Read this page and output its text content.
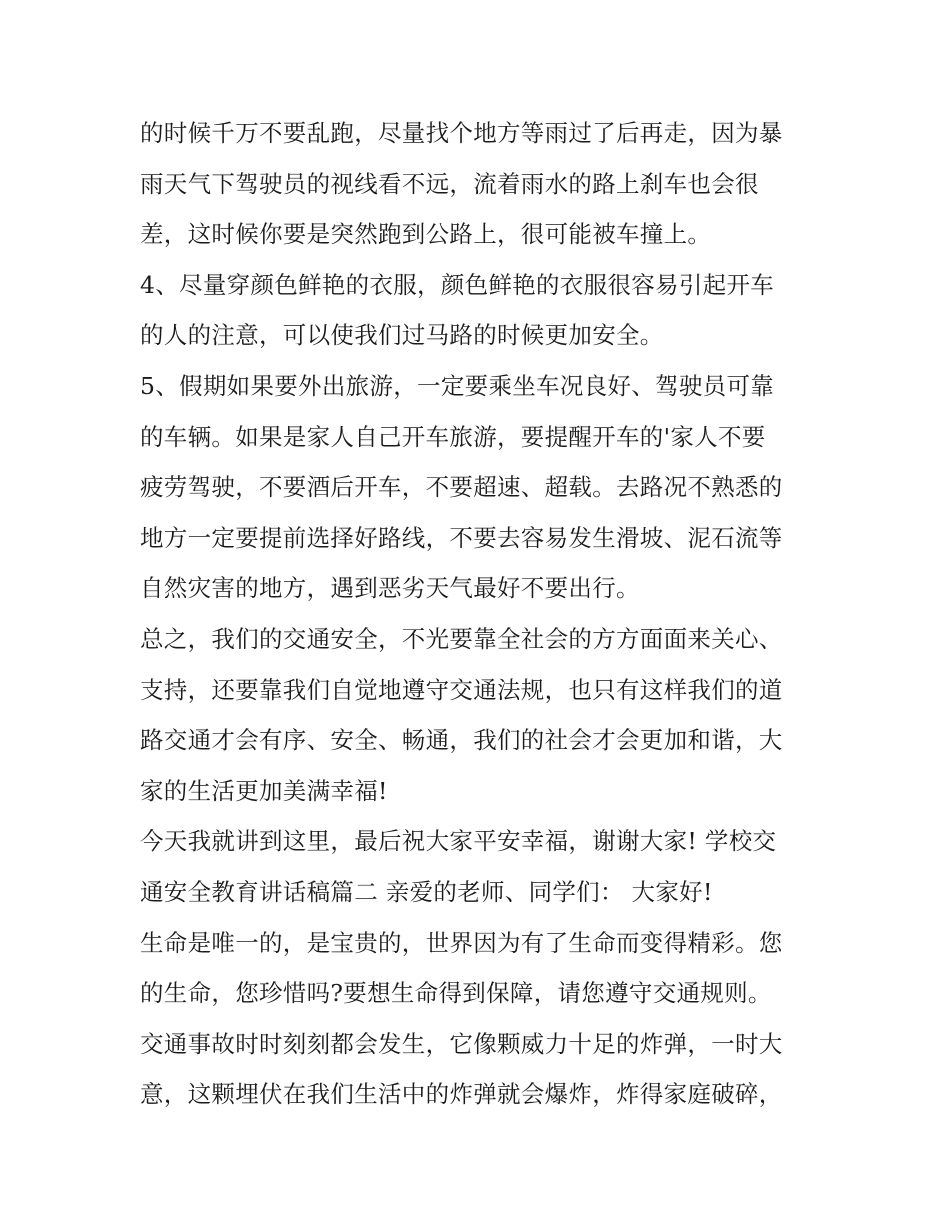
的时候千万不要乱跑，尽量找个地方等雨过了后再走，因为暴
雨天气下驾驶员的视线看不远，流着雨水的路上刹车也会很
差，这时候你要是突然跑到公路上，很可能被车撞上。
4、尽量穿颜色鲜艳的衣服，颜色鲜艳的衣服很容易引起开车
的人的注意，可以使我们过马路的时候更加安全。
5、假期如果要外出旅游，一定要乘坐车况良好、驾驶员可靠
的车辆。如果是家人自己开车旅游，要提醒开车的'家人不要
疲劳驾驶，不要酒后开车，不要超速、超载。去路况不熟悉的
地方一定要提前选择好路线，不要去容易发生滑坡、泥石流等
自然灾害的地方，遇到恶劣天气最好不要出行。
总之，我们的交通安全，不光要靠全社会的方方面面来关心、
支持，还要靠我们自觉地遵守交通法规，也只有这样我们的道
路交通才会有序、安全、畅通，我们的社会才会更加和谐，大
家的生活更加美满幸福!
今天我就讲到这里，最后祝大家平安幸福，谢谢大家! 学校交
通安全教育讲话稿篇二 亲爱的老师、同学们： 大家好!
生命是唯一的，是宝贵的，世界因为有了生命而变得精彩。您
的生命，您珍惜吗?要想生命得到保障，请您遵守交通规则。
交通事故时时刻刻都会发生，它像颗威力十足的炸弹，一时大
意，这颗埋伏在我们生活中的炸弹就会爆炸，炸得家庭破碎，
